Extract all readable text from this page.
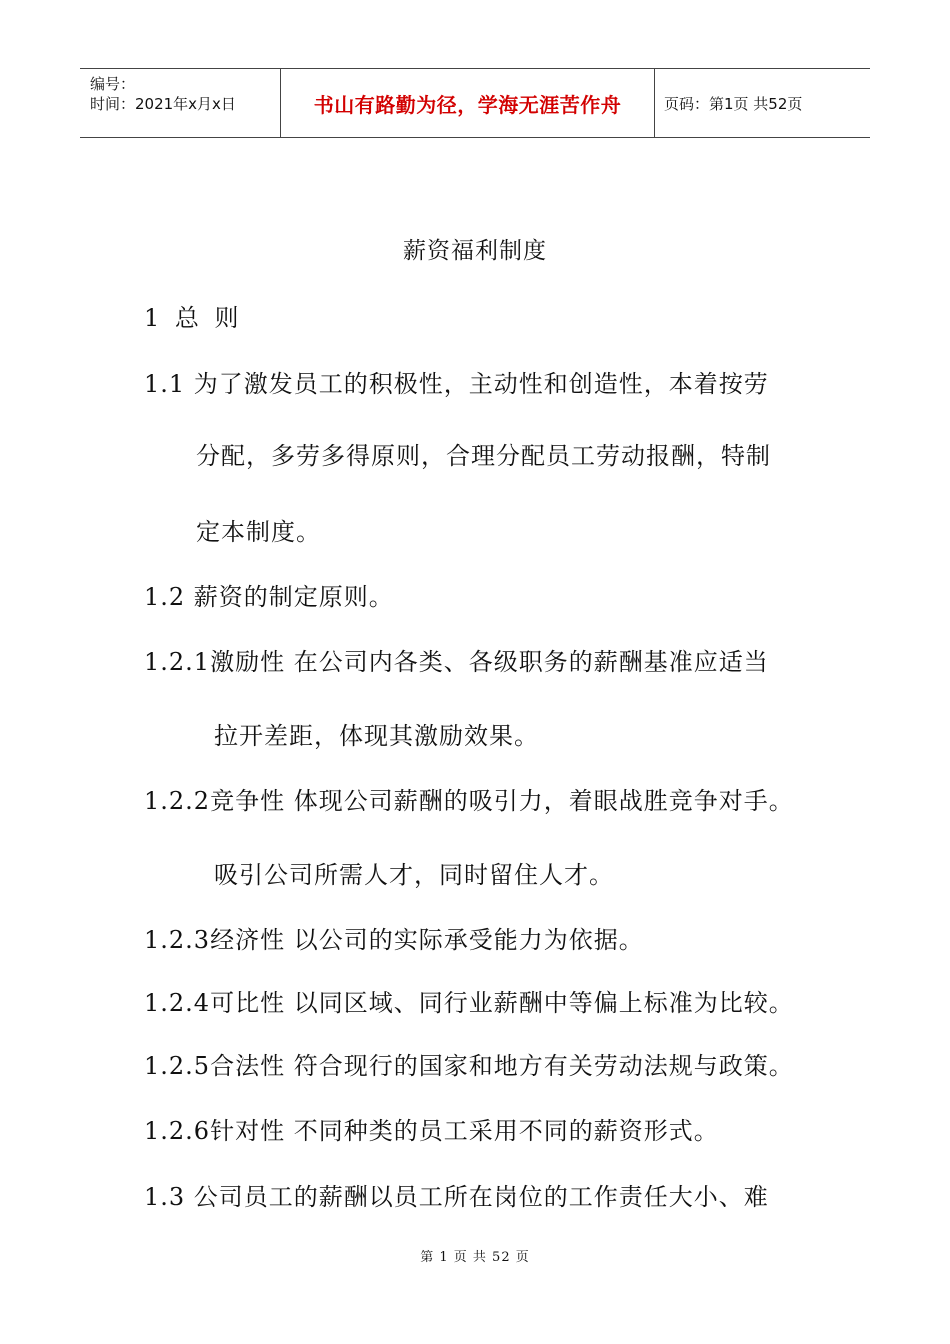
编号：
时间：2021年x月x日	书山有路勤为径，学海无涯苦作舟	页码：第1页 共52页
薪资福利制度
1 总 则
1.1 为了激发员工的积极性，主动性和创造性，本着按劳
分配，多劳多得原则，合理分配员工劳动报酬，特制
定本制度。
1.2 薪资的制定原则。
1.2.1激励性 在公司内各类、各级职务的薪酬基准应适当
拉开差距，体现其激励效果。
1.2.2竞争性 体现公司薪酬的吸引力，着眼战胜竞争对手。
吸引公司所需人才，同时留住人才。
1.2.3经济性 以公司的实际承受能力为依据。
1.2.4可比性 以同区域、同行业薪酬中等偏上标准为比较。
1.2.5合法性 符合现行的国家和地方有关劳动法规与政策。
1.2.6针对性 不同种类的员工采用不同的薪资形式。
1.3 公司员工的薪酬以员工所在岗位的工作责任大小、难
第 1 页 共 52 页
